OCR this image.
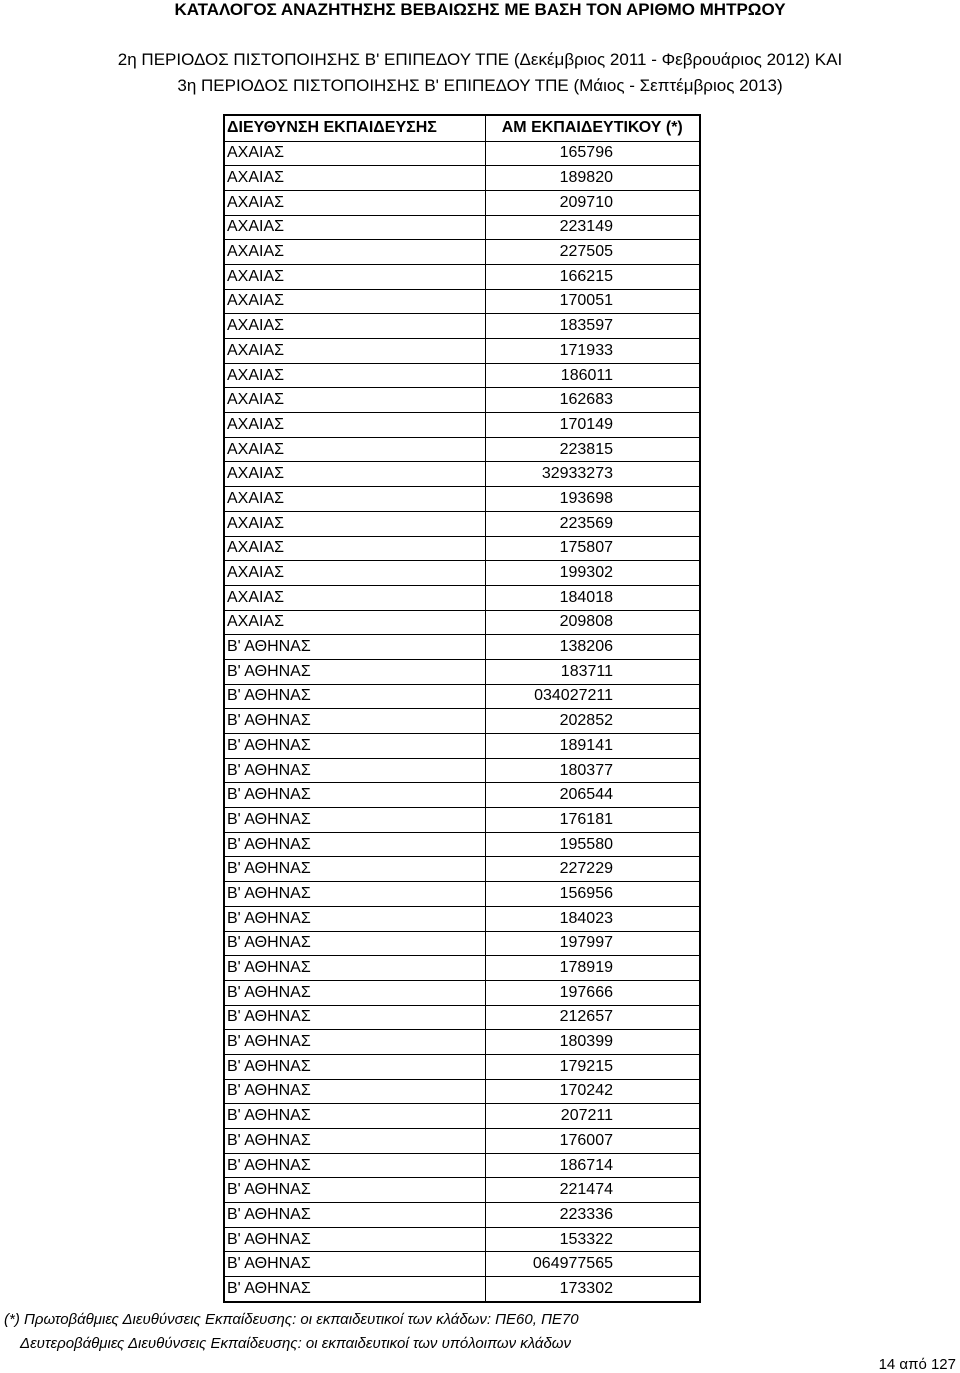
ΚΑΤΑΛΟΓΟΣ ΑΝΑΖΗΤΗΣΗΣ ΒΕΒΑΙΩΣΗΣ ΜΕ ΒΑΣΗ ΤΟΝ ΑΡΙΘΜΟ ΜΗΤΡΩΟΥ
2η ΠΕΡΙΟΔΟΣ ΠΙΣΤΟΠΟΙΗΣΗΣ Β' ΕΠΙΠΕΔΟΥ ΤΠΕ (Δεκέμβριος 2011 - Φεβρουάριος 2012) ΚΑΙ
3η ΠΕΡΙΟΔΟΣ ΠΙΣΤΟΠΟΙΗΣΗΣ Β' ΕΠΙΠΕΔΟΥ ΤΠΕ (Μάιος - Σεπτέμβριος 2013)
ΔΙΕΥΘΥΝΣΗ ΕΚΠΑΙΔΕΥΣΗΣ	ΑΜ ΕΚΠΑΙΔΕΥΤΙΚΟΥ (*)
ΑΧΑΙΑΣ	165796
ΑΧΑΙΑΣ	189820
ΑΧΑΙΑΣ	209710
ΑΧΑΙΑΣ	223149
ΑΧΑΙΑΣ	227505
ΑΧΑΙΑΣ	166215
ΑΧΑΙΑΣ	170051
ΑΧΑΙΑΣ	183597
ΑΧΑΙΑΣ	171933
ΑΧΑΙΑΣ	186011
ΑΧΑΙΑΣ	162683
ΑΧΑΙΑΣ	170149
ΑΧΑΙΑΣ	223815
ΑΧΑΙΑΣ	32933273
ΑΧΑΙΑΣ	193698
ΑΧΑΙΑΣ	223569
ΑΧΑΙΑΣ	175807
ΑΧΑΙΑΣ	199302
ΑΧΑΙΑΣ	184018
ΑΧΑΙΑΣ	209808
Β' ΑΘΗΝΑΣ	138206
Β' ΑΘΗΝΑΣ	183711
Β' ΑΘΗΝΑΣ	034027211
Β' ΑΘΗΝΑΣ	202852
Β' ΑΘΗΝΑΣ	189141
Β' ΑΘΗΝΑΣ	180377
Β' ΑΘΗΝΑΣ	206544
Β' ΑΘΗΝΑΣ	176181
Β' ΑΘΗΝΑΣ	195580
Β' ΑΘΗΝΑΣ	227229
Β' ΑΘΗΝΑΣ	156956
Β' ΑΘΗΝΑΣ	184023
Β' ΑΘΗΝΑΣ	197997
Β' ΑΘΗΝΑΣ	178919
Β' ΑΘΗΝΑΣ	197666
Β' ΑΘΗΝΑΣ	212657
Β' ΑΘΗΝΑΣ	180399
Β' ΑΘΗΝΑΣ	179215
Β' ΑΘΗΝΑΣ	170242
Β' ΑΘΗΝΑΣ	207211
Β' ΑΘΗΝΑΣ	176007
Β' ΑΘΗΝΑΣ	186714
Β' ΑΘΗΝΑΣ	221474
Β' ΑΘΗΝΑΣ	223336
Β' ΑΘΗΝΑΣ	153322
Β' ΑΘΗΝΑΣ	064977565
Β' ΑΘΗΝΑΣ	173302
(*) Πρωτοβάθμιες Διευθύνσεις Εκπαίδευσης: οι εκπαιδευτικοί των κλάδων: ΠΕ60, ΠΕ70
Δευτεροβάθμιες Διευθύνσεις Εκπαίδευσης: οι εκπαιδευτικοί των υπόλοιπων κλάδων
14 από 127
